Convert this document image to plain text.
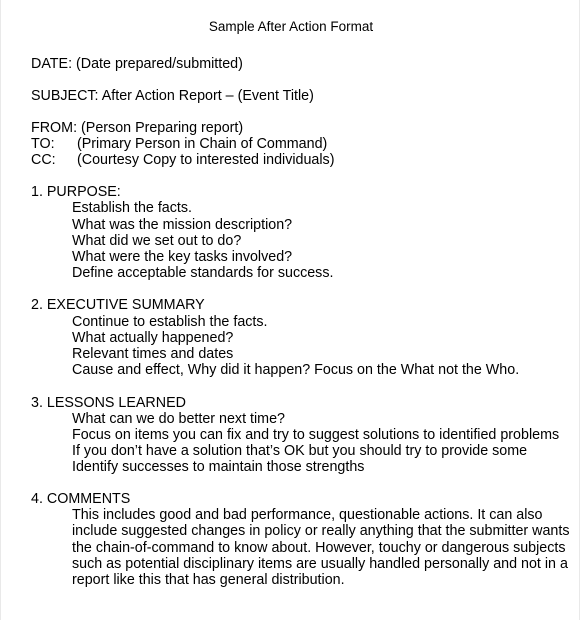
Sample After Action Format
DATE: (Date prepared/submitted)
SUBJECT: After Action Report – (Event Title)
FROM: (Person Preparing report)
TO: (Primary Person in Chain of Command)
CC: (Courtesy Copy to interested individuals)
1. PURPOSE:
Establish the facts.
What was the mission description?
What did we set out to do?
What were the key tasks involved?
Define acceptable standards for success.
2. EXECUTIVE SUMMARY
Continue to establish the facts.
What actually happened?
Relevant times and dates
Cause and effect, Why did it happen? Focus on the What not the Who.
3. LESSONS LEARNED
What can we do better next time?
Focus on items you can fix and try to suggest solutions to identified problems
If you don’t have a solution that’s OK but you should try to provide some
Identify successes to maintain those strengths
4. COMMENTS
This includes good and bad performance, questionable actions. It can also
include suggested changes in policy or really anything that the submitter wants
the chain-of-command to know about. However, touchy or dangerous subjects
such as potential disciplinary items are usually handled personally and not in a
report like this that has general distribution.
